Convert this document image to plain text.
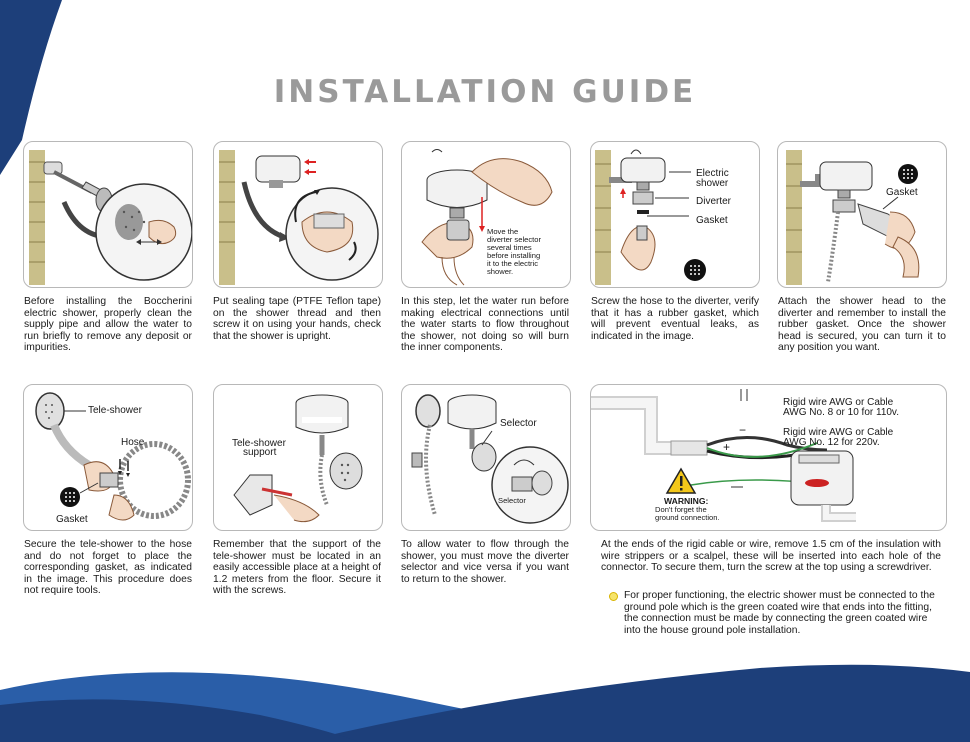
INSTALLATION GUIDE
Before installing the Boccherini electric shower, properly clean the supply pipe and allow the water to run briefly to remove any deposit or impurities.
Put sealing tape (PTFE Teflon tape) on the shower thread and then screw it on using your hands, check that the shower is upright.
Move the
diverter selector
several times
before installing
it to the electric
shower.
In this step, let the water run before making electrical connections until the water starts to flow throughout the shower, not doing so will burn the inner components.
Electric
shower
Diverter
Gasket
Screw the hose to the diverter, verify that it has a rubber gasket, which will prevent eventual leaks, as indicated in the image.
Gasket
Attach the shower head to the diverter and remember to install the rubber gasket. Once the shower head is secured, you can turn it to any position you want.
Tele-shower
Hose
Gasket
Secure the tele-shower to the hose and do not forget to place the corresponding gasket, as indicated in the image. This procedure does not require tools.
Tele-shower
support
Remember that the support of the tele-shower must be located in an easily accessible place at a height of 1.2 meters from the floor. Secure it with the screws.
Selector
Selector
To allow water to flow through the shower, you must move the diverter selector and vice versa if you want to return to the shower.
Rigid wire AWG or Cable
AWG No. 8 or 10 for 110v.
Rigid wire AWG or Cable
AWG No. 12 for 220v.
−
+
WARNING:
Don't forget the
ground connection.
At the ends of the rigid cable or wire, remove 1.5 cm of the insulation with wire strippers or a scalpel, these will be inserted into each hole of the connector. To secure them, turn the screw at the top using a screwdriver.
For proper functioning, the electric shower must be connected to the ground pole which is the green coated wire that ends into the fitting, the connection must be made by connecting the green coated wire into the house ground pole installation.
